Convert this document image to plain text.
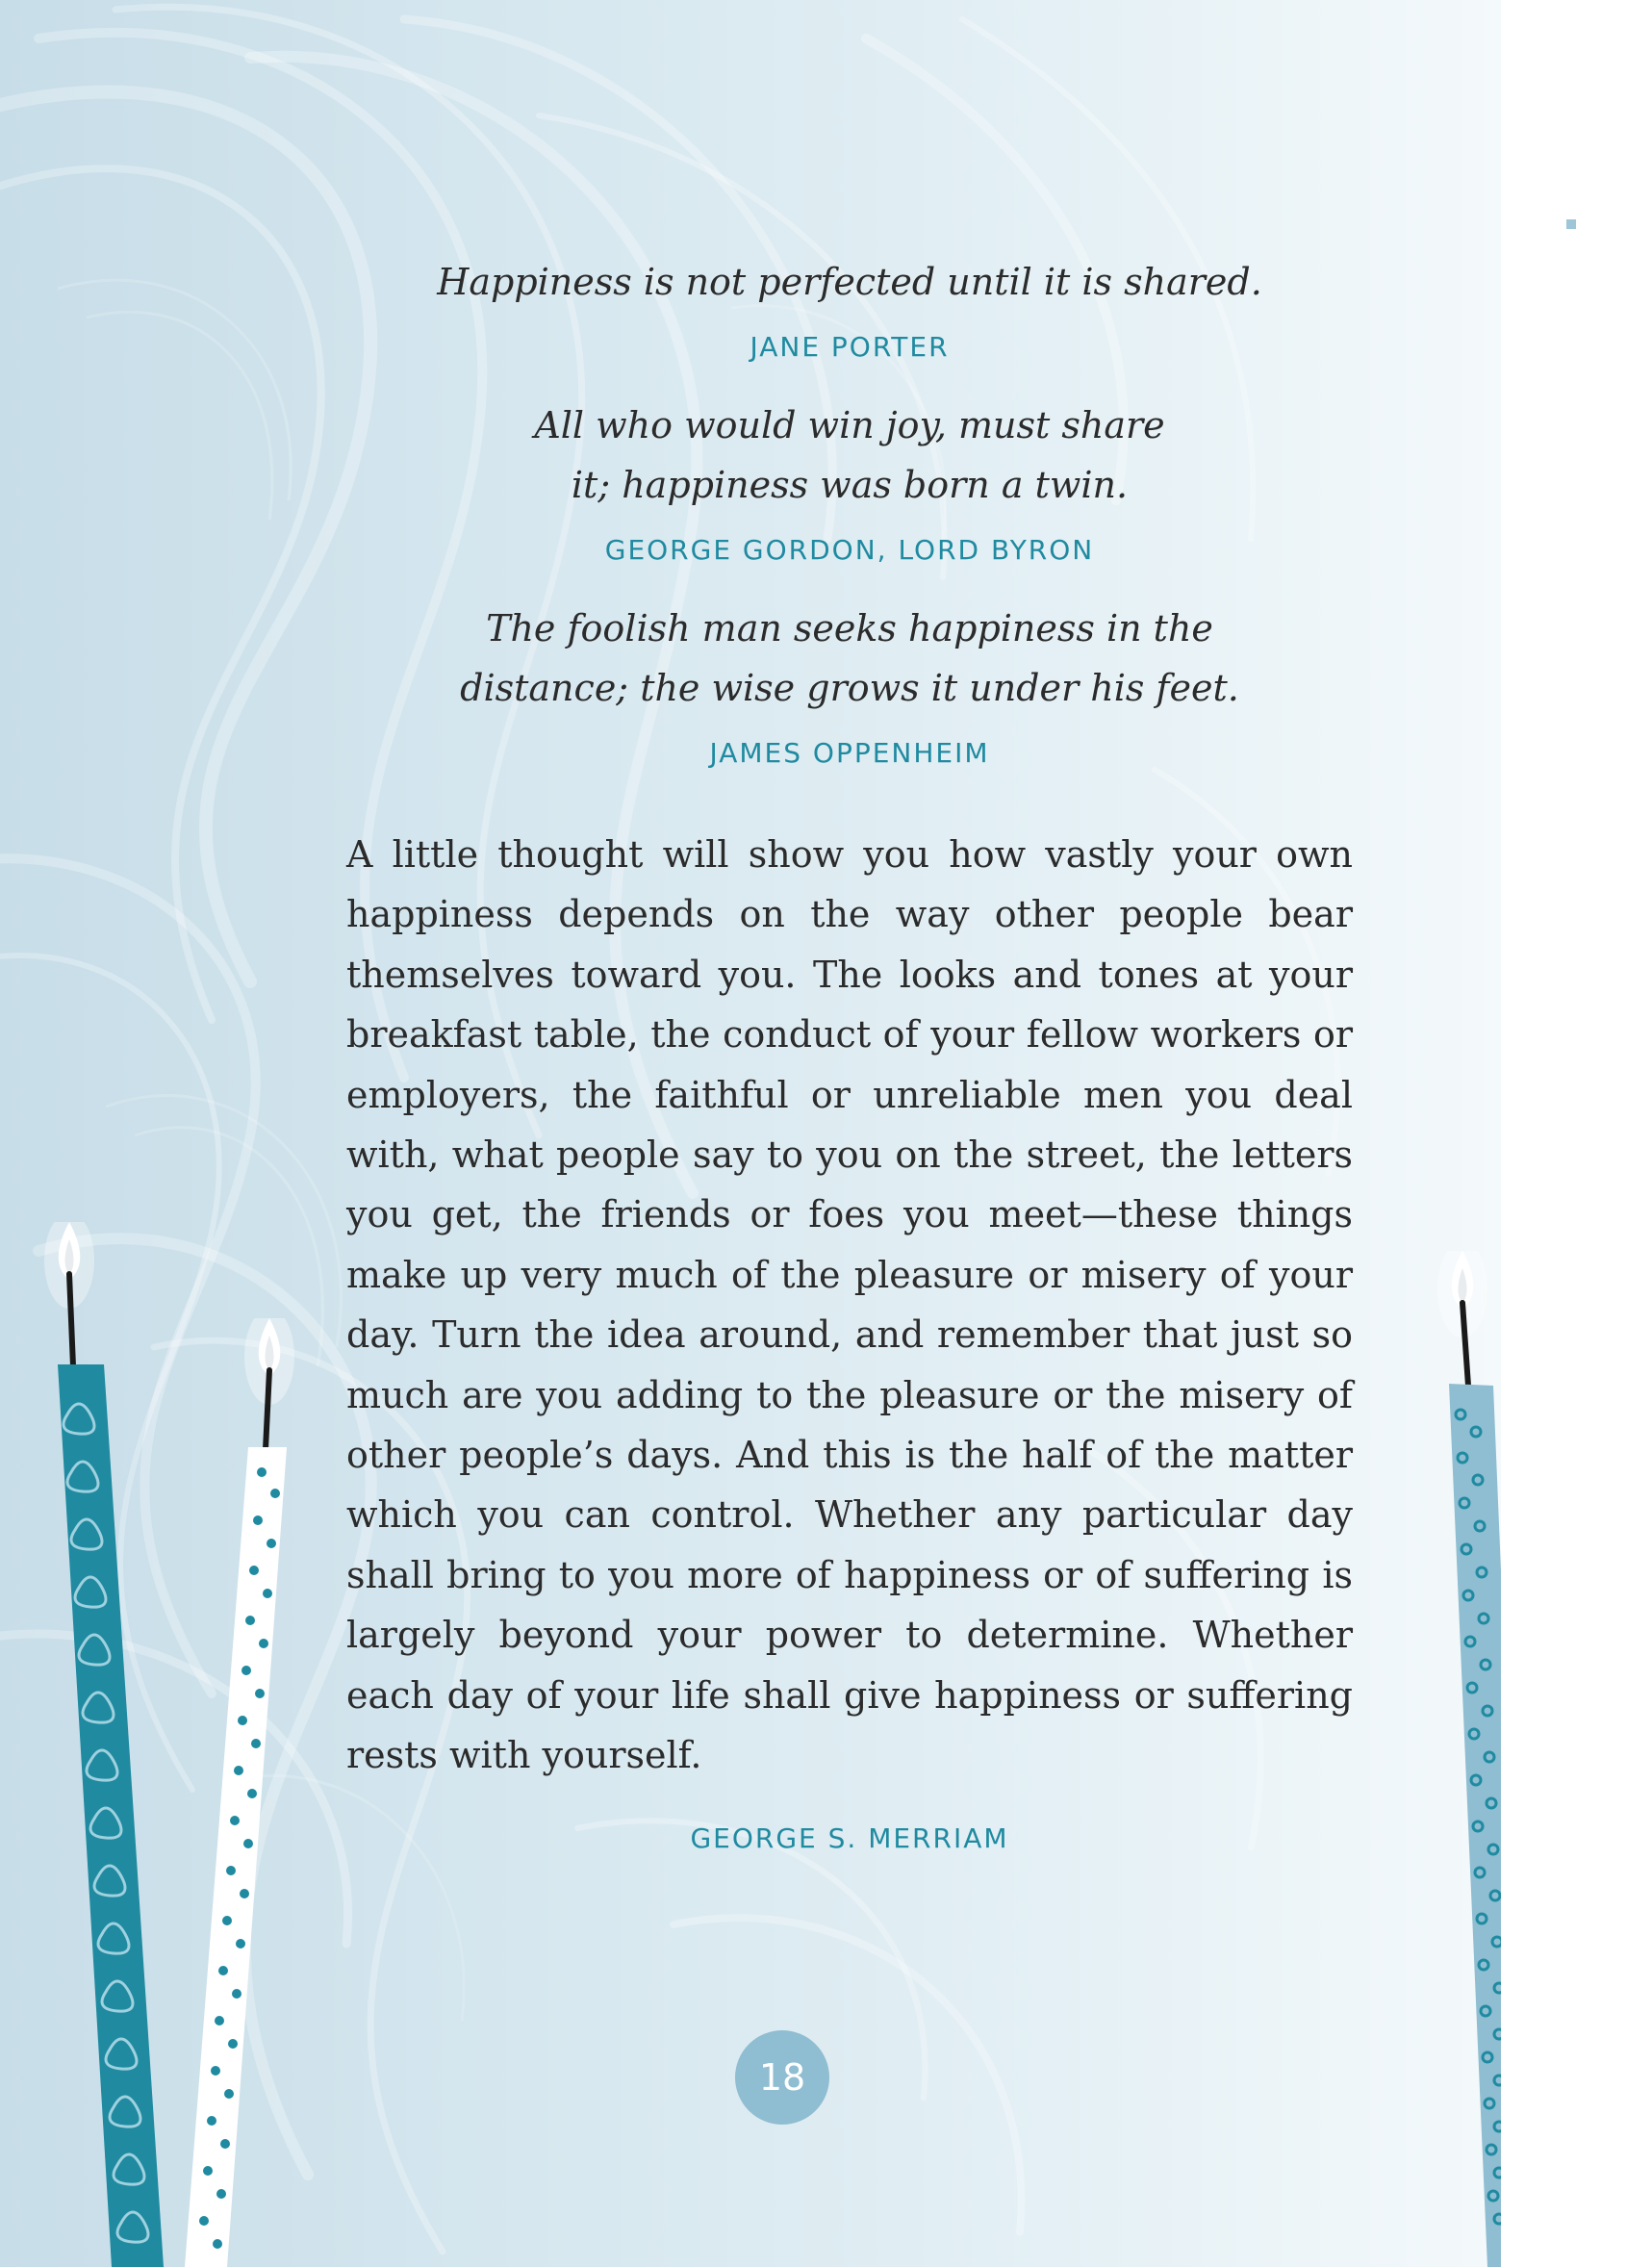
Happiness is not perfected until it is shared.

JANE PORTER

All who would win joy, must share it; happiness was born a twin.

GEORGE GORDON, LORD BYRON

The foolish man seeks happiness in the distance; the wise grows it under his feet.

JAMES OPPENHEIM

A little thought will show you how vastly your own happiness depends on the way other people bear themselves toward you. The looks and tones at your breakfast table, the conduct of your fellow workers or employers, the faithful or unreliable men you deal with, what people say to you on the street, the letters you get, the friends or foes you meet—these things make up very much of the pleasure or misery of your day. Turn the idea around, and remember that just so much are you adding to the pleasure or the misery of other people’s days. And this is the half of the matter which you can control. Whether any particular day shall bring to you more of happiness or of suffering is largely beyond your power to determine. Whether each day of your life shall give happiness or suffering rests with yourself.

GEORGE S. MERRIAM
18
